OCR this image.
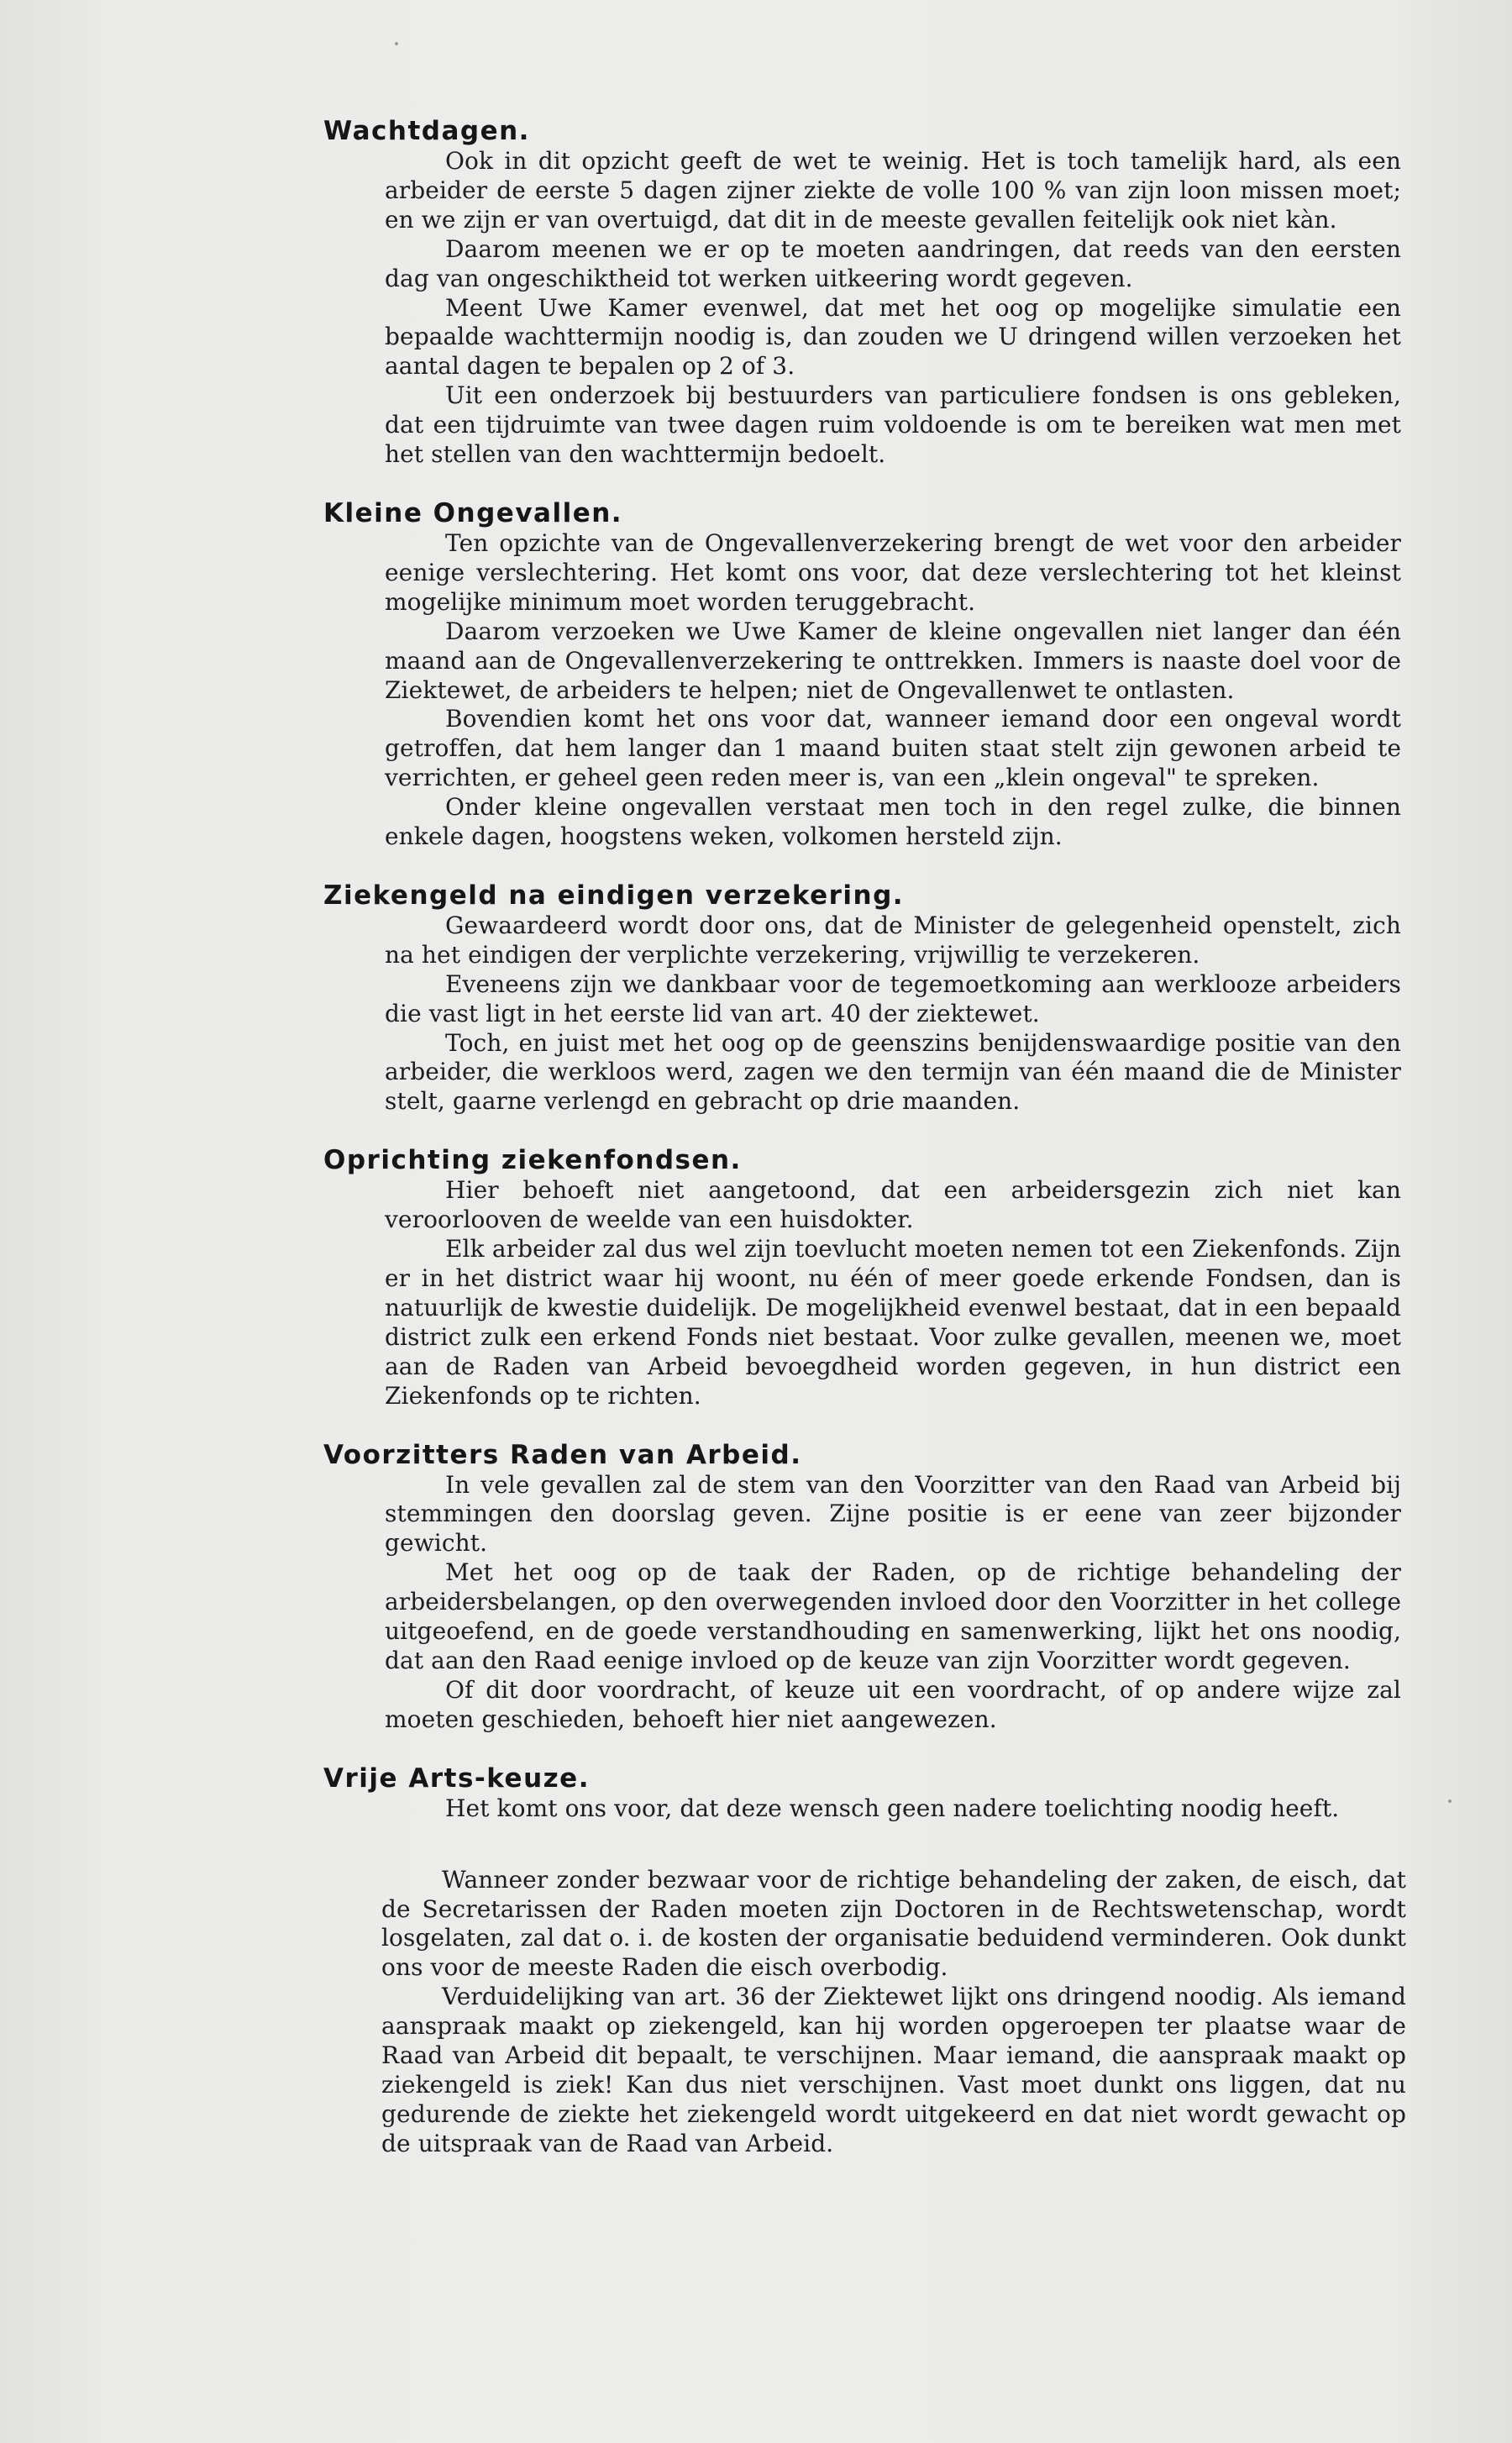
Wachtdagen.

Ook in dit opzicht geeft de wet te weinig. Het is toch tamelijk hard, als een arbeider de eerste 5 dagen zijner ziekte de volle 100 % van zijn loon missen moet; en we zijn er van overtuigd, dat dit in de meeste gevallen feitelijk ook niet kàn.

Daarom meenen we er op te moeten aandringen, dat reeds van den eersten dag van ongeschiktheid tot werken uitkeering wordt gegeven.

Meent Uwe Kamer evenwel, dat met het oog op mogelijke simulatie een bepaalde wachttermijn noodig is, dan zouden we U dringend willen verzoeken het aantal dagen te bepalen op 2 of 3.

Uit een onderzoek bij bestuurders van particuliere fondsen is ons gebleken, dat een tijdruimte van twee dagen ruim voldoende is om te bereiken wat men met het stellen van den wachttermijn bedoelt.

Kleine Ongevallen.

Ten opzichte van de Ongevallenverzekering brengt de wet voor den arbeider eenige verslechtering. Het komt ons voor, dat deze verslechtering tot het kleinst mogelijke minimum moet worden teruggebracht.

Daarom verzoeken we Uwe Kamer de kleine ongevallen niet langer dan één maand aan de Ongevallenverzekering te onttrekken. Immers is naaste doel voor de Ziektewet, de arbeiders te helpen; niet de Ongevallenwet te ontlasten.

Bovendien komt het ons voor dat, wanneer iemand door een ongeval wordt getroffen, dat hem langer dan 1 maand buiten staat stelt zijn gewonen arbeid te verrichten, er geheel geen reden meer is, van een „klein ongeval" te spreken.

Onder kleine ongevallen verstaat men toch in den regel zulke, die binnen enkele dagen, hoogstens weken, volkomen hersteld zijn.

Ziekengeld na eindigen verzekering.

Gewaardeerd wordt door ons, dat de Minister de gelegenheid openstelt, zich na het eindigen der verplichte verzekering, vrijwillig te verzekeren.

Eveneens zijn we dankbaar voor de tegemoetkoming aan werklooze arbeiders die vast ligt in het eerste lid van art. 40 der ziektewet.

Toch, en juist met het oog op de geenszins benijdenswaardige positie van den arbeider, die werkloos werd, zagen we den termijn van één maand die de Minister stelt, gaarne verlengd en gebracht op drie maanden.

Oprichting ziekenfondsen.

Hier behoeft niet aangetoond, dat een arbeidersgezin zich niet kan veroorlooven de weelde van een huisdokter.

Elk arbeider zal dus wel zijn toevlucht moeten nemen tot een Ziekenfonds. Zijn er in het district waar hij woont, nu één of meer goede erkende Fondsen, dan is natuurlijk de kwestie duidelijk. De mogelijkheid evenwel bestaat, dat in een bepaald district zulk een erkend Fonds niet bestaat. Voor zulke gevallen, meenen we, moet aan de Raden van Arbeid bevoegdheid worden gegeven, in hun district een Ziekenfonds op te richten.

Voorzitters Raden van Arbeid.

In vele gevallen zal de stem van den Voorzitter van den Raad van Arbeid bij stemmingen den doorslag geven. Zijne positie is er eene van zeer bijzonder gewicht.

Met het oog op de taak der Raden, op de richtige behandeling der arbeidersbelangen, op den overwegenden invloed door den Voorzitter in het college uitgeoefend, en de goede verstandhouding en samenwerking, lijkt het ons noodig, dat aan den Raad eenige invloed op de keuze van zijn Voorzitter wordt gegeven.

Of dit door voordracht, of keuze uit een voordracht, of op andere wijze zal moeten geschieden, behoeft hier niet aangewezen.

Vrije Arts-keuze.

Het komt ons voor, dat deze wensch geen nadere toelichting noodig heeft.

Wanneer zonder bezwaar voor de richtige behandeling der zaken, de eisch, dat de Secretarissen der Raden moeten zijn Doctoren in de Rechtswetenschap, wordt losgelaten, zal dat o. i. de kosten der organisatie beduidend verminderen. Ook dunkt ons voor de meeste Raden die eisch overbodig.

Verduidelijking van art. 36 der Ziektewet lijkt ons dringend noodig. Als iemand aanspraak maakt op ziekengeld, kan hij worden opgeroepen ter plaatse waar de Raad van Arbeid dit bepaalt, te verschijnen. Maar iemand, die aanspraak maakt op ziekengeld is ziek! Kan dus niet verschijnen. Vast moet dunkt ons liggen, dat nu gedurende de ziekte het ziekengeld wordt uitgekeerd en dat niet wordt gewacht op de uitspraak van de Raad van Arbeid.
